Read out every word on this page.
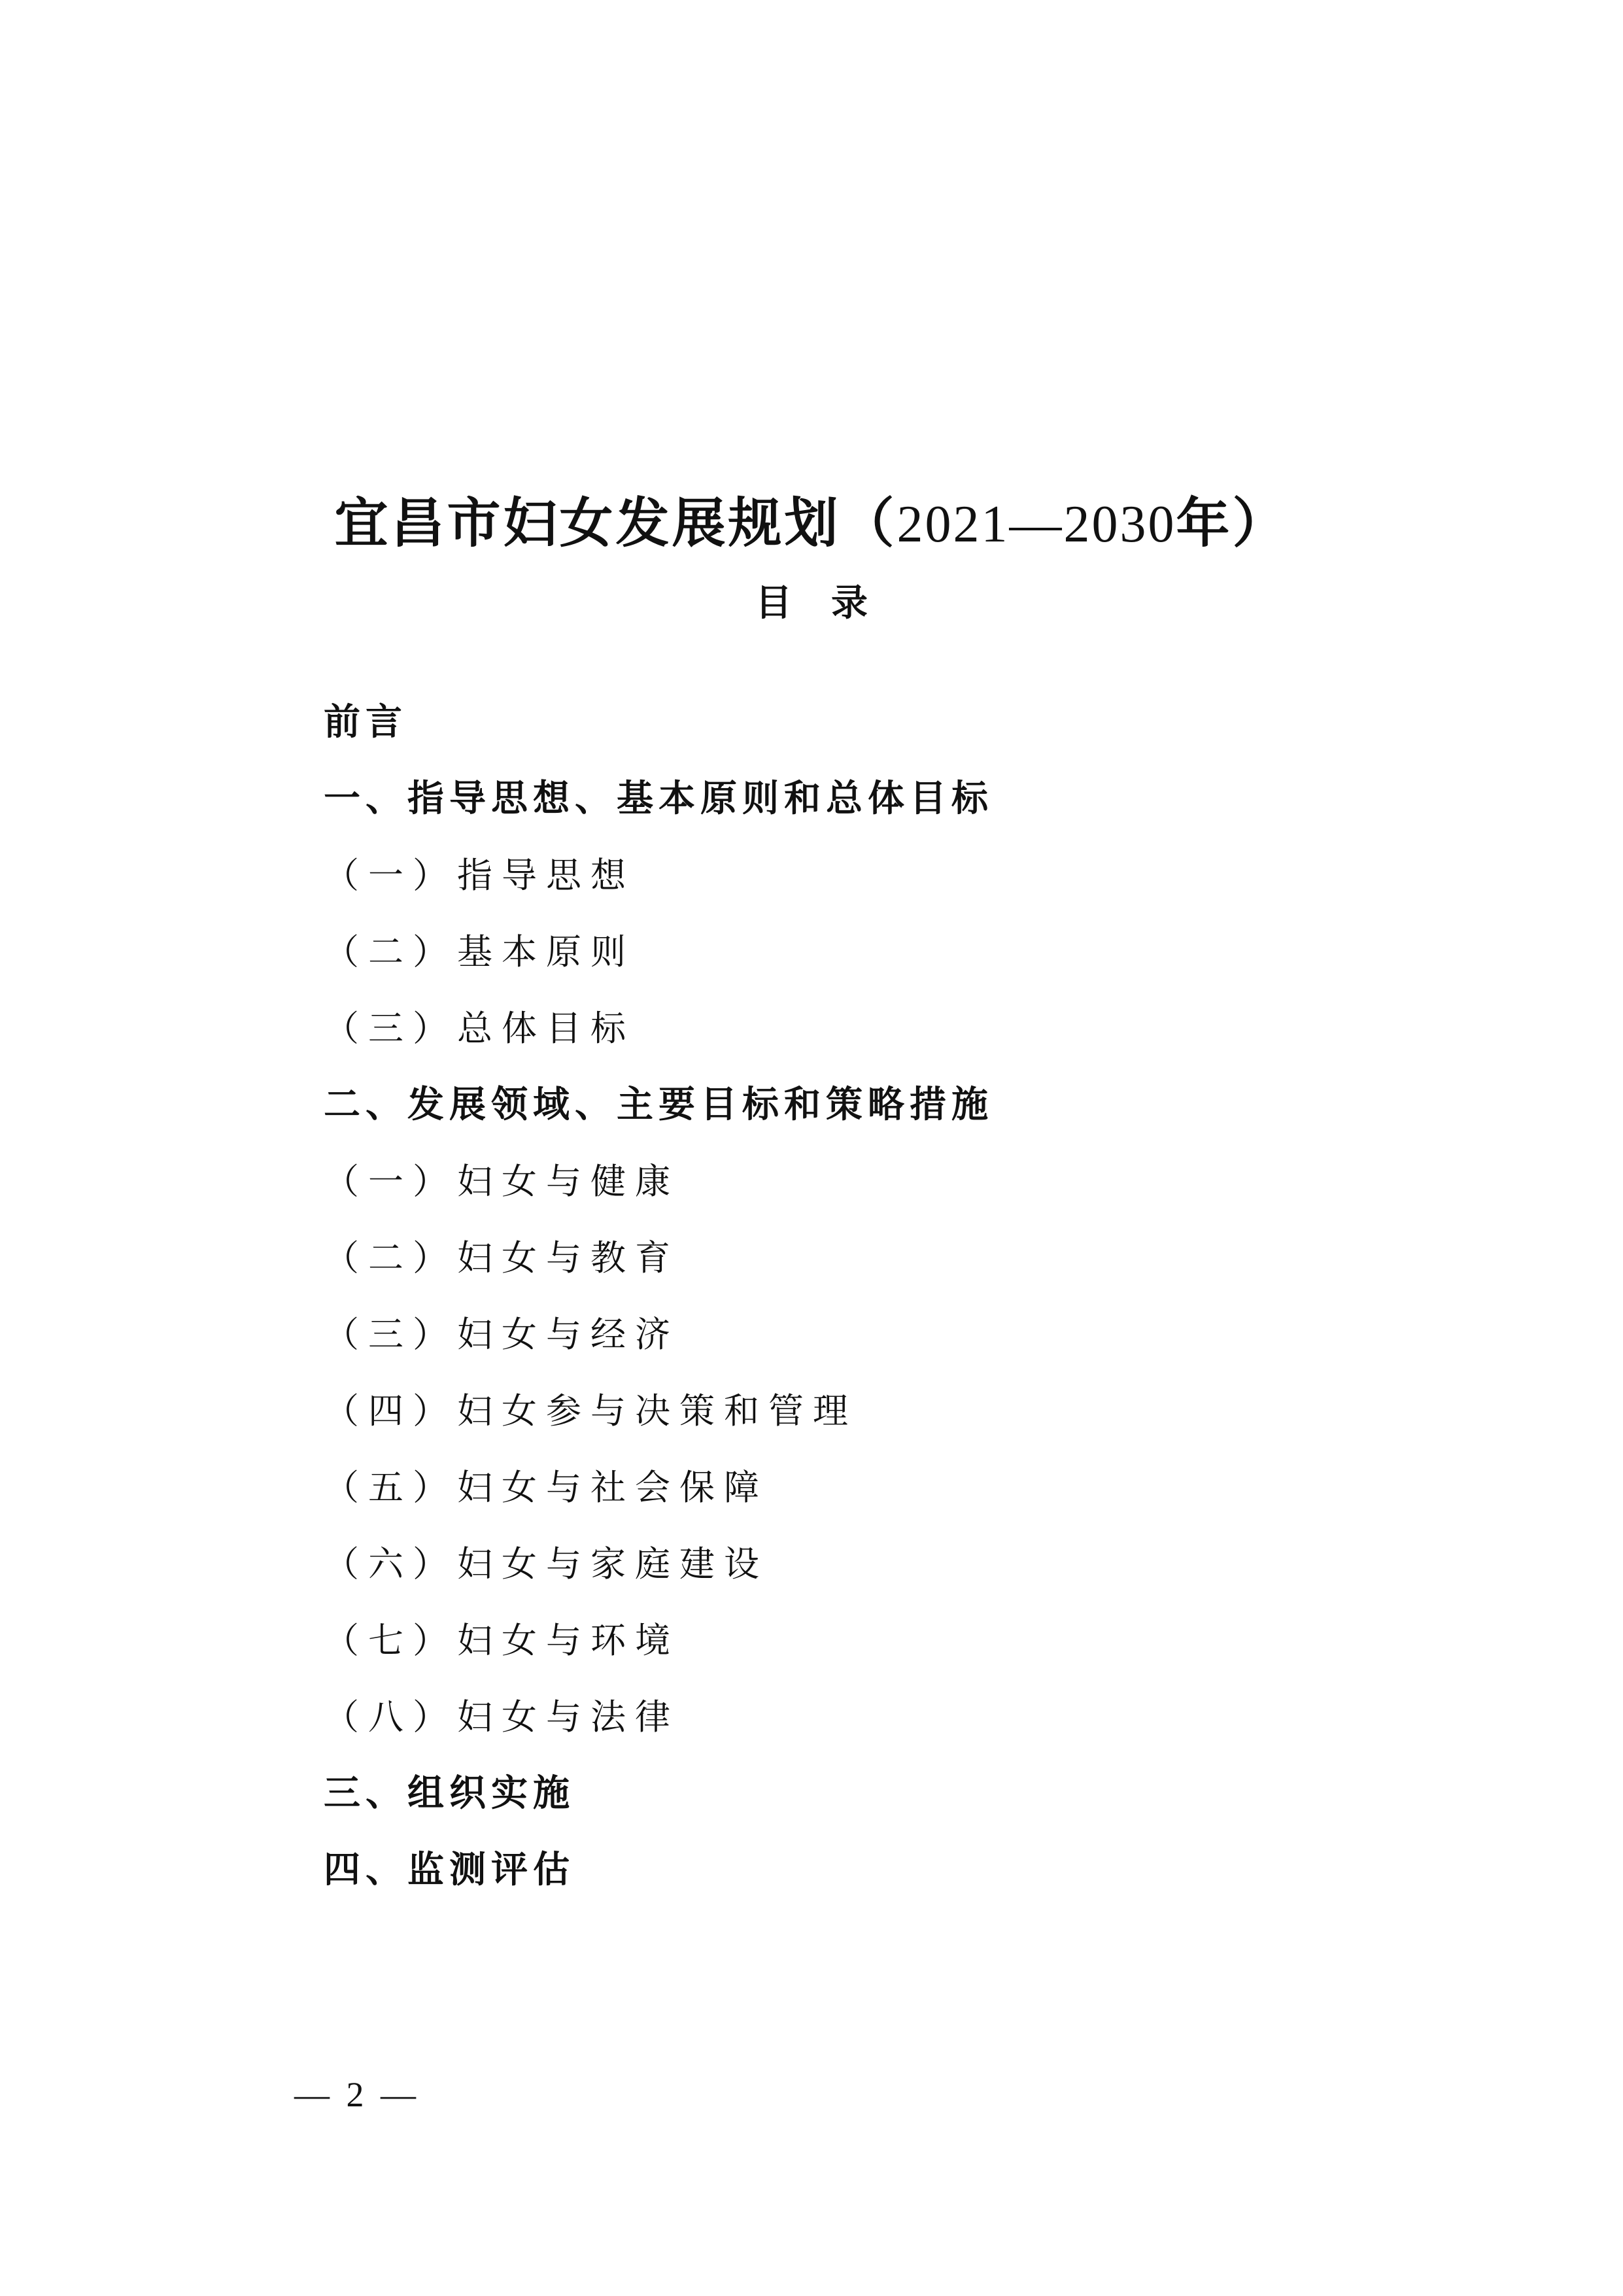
宜昌市妇女发展规划（2021—2030年）
目录
前言
一、指导思想、基本原则和总体目标
（一）指导思想
（二）基本原则
（三）总体目标
二、发展领域、主要目标和策略措施
（一）妇女与健康
（二）妇女与教育
（三）妇女与经济
（四）妇女参与决策和管理
（五）妇女与社会保障
（六）妇女与家庭建设
（七）妇女与环境
（八）妇女与法律
三、组织实施
四、监测评估
— 2 —
